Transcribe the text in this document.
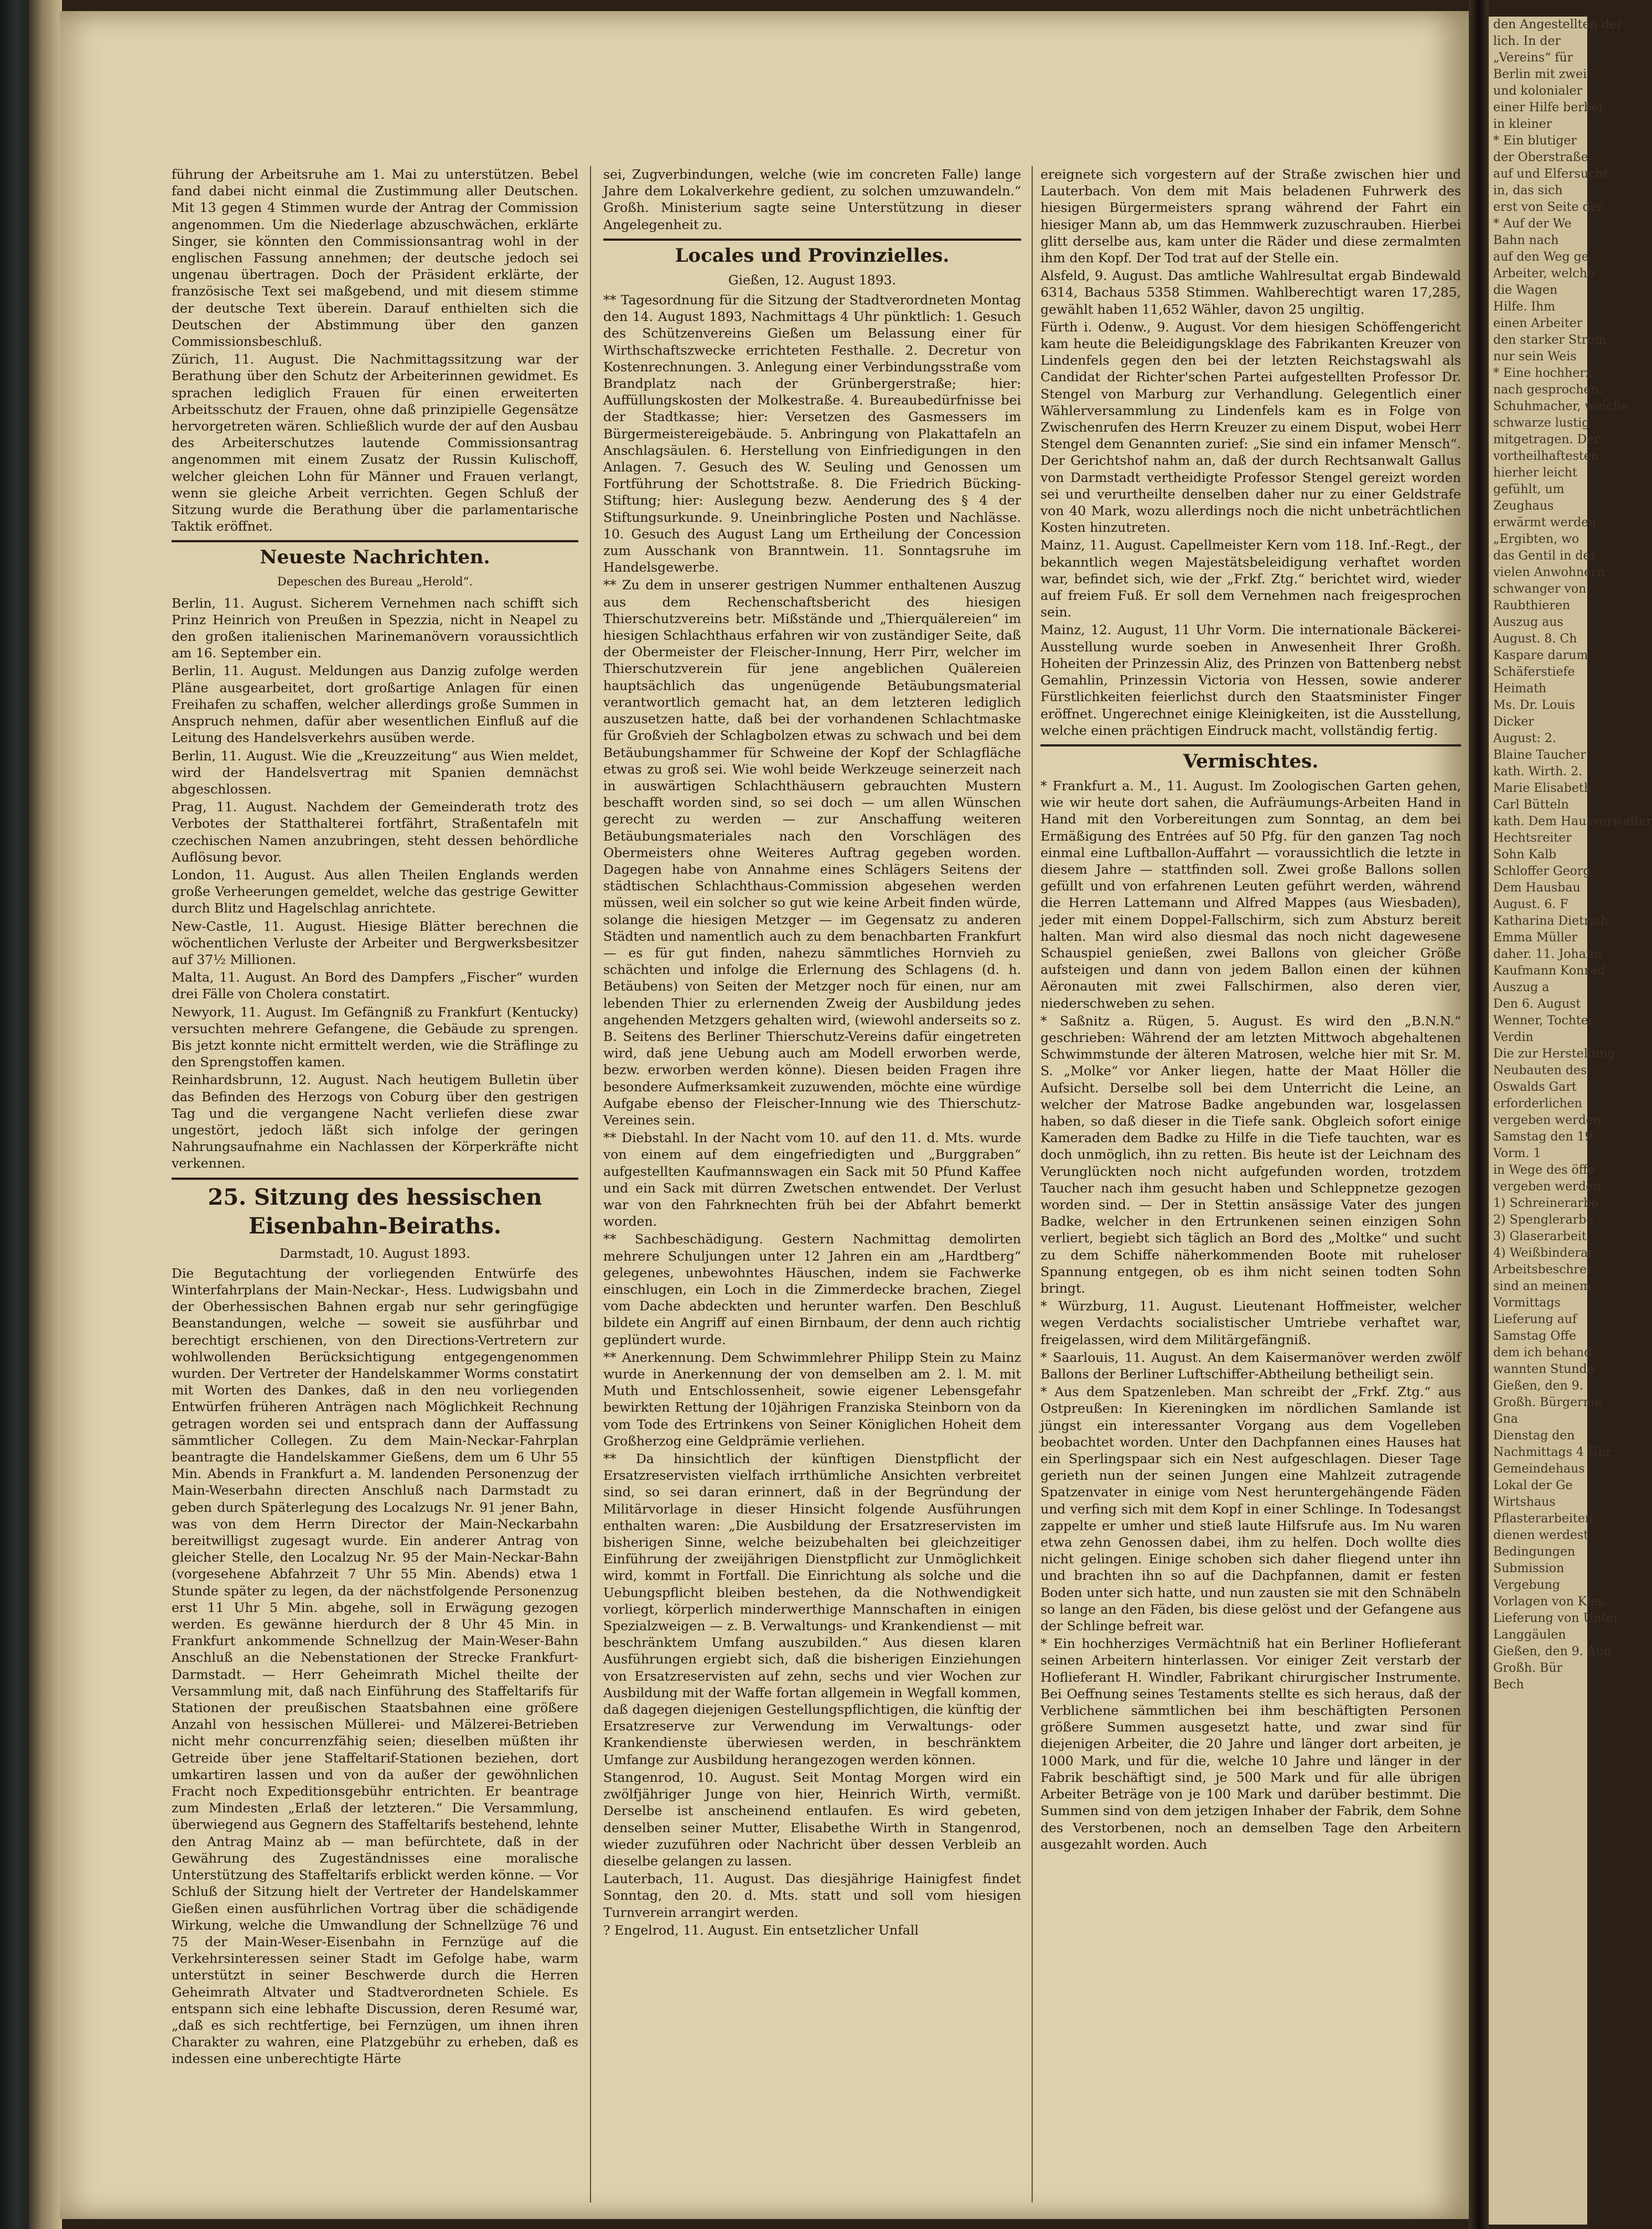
führung der Arbeitsruhe am 1. Mai zu unterstützen. Bebel fand dabei nicht einmal die Zustimmung aller Deutschen. Mit 13 gegen 4 Stimmen wurde der Antrag der Commission angenommen. Um die Niederlage abzuschwächen, erklärte Singer, sie könnten den Commissionsantrag wohl in der englischen Fassung annehmen; der deutsche jedoch sei ungenau übertragen. Doch der Präsident erklärte, der französische Text sei maßgebend, und mit diesem stimme der deutsche Text überein. Darauf enthielten sich die Deutschen der Abstimmung über den ganzen Commissionsbeschluß.

Zürich, 11. August. Die Nachmittagssitzung war der Berathung über den Schutz der Arbeiterinnen gewidmet. Es sprachen lediglich Frauen für einen erweiterten Arbeitsschutz der Frauen, ohne daß prinzipielle Gegensätze hervorgetreten wären. Schließlich wurde der auf den Ausbau des Arbeiterschutzes lautende Commissionsantrag angenommen mit einem Zusatz der Russin Kulischoff, welcher gleichen Lohn für Männer und Frauen verlangt, wenn sie gleiche Arbeit verrichten. Gegen Schluß der Sitzung wurde die Berathung über die parlamentarische Taktik eröffnet.

Neueste Nachrichten.
Depeschen des Bureau „Herold“.

Berlin, 11. August. Sicherem Vernehmen nach schifft sich Prinz Heinrich von Preußen in Spezzia, nicht in Neapel zu den großen italienischen Marinemanövern voraussichtlich am 16. September ein.

Berlin, 11. August. Meldungen aus Danzig zufolge werden Pläne ausgearbeitet, dort großartige Anlagen für einen Freihafen zu schaffen, welcher allerdings große Summen in Anspruch nehmen, dafür aber wesentlichen Einfluß auf die Leitung des Handelsverkehrs ausüben werde.

Berlin, 11. August. Wie die „Kreuzzeitung“ aus Wien meldet, wird der Handelsvertrag mit Spanien demnächst abgeschlossen.

Prag, 11. August. Nachdem der Gemeinderath trotz des Verbotes der Statthalterei fortfährt, Straßentafeln mit czechischen Namen anzubringen, steht dessen behördliche Auflösung bevor.

London, 11. August. Aus allen Theilen Englands werden große Verheerungen gemeldet, welche das gestrige Gewitter durch Blitz und Hagelschlag anrichtete.

New-Castle, 11. August. Hiesige Blätter berechnen die wöchentlichen Verluste der Arbeiter und Bergwerksbesitzer auf 37½ Millionen.

Malta, 11. August. An Bord des Dampfers „Fischer“ wurden drei Fälle von Cholera constatirt.

Newyork, 11. August. Im Gefängniß zu Frankfurt (Kentucky) versuchten mehrere Gefangene, die Gebäude zu sprengen. Bis jetzt konnte nicht ermittelt werden, wie die Sträflinge zu den Sprengstoffen kamen.

Reinhardsbrunn, 12. August. Nach heutigem Bulletin über das Befinden des Herzogs von Coburg über den gestrigen Tag und die vergangene Nacht verliefen diese zwar ungestört, jedoch läßt sich infolge der geringen Nahrungsaufnahme ein Nachlassen der Körperkräfte nicht verkennen.

25. Sitzung des hessischen Eisenbahn-Beiraths.
Darmstadt, 10. August 1893.

Die Begutachtung der vorliegenden Entwürfe des Winterfahrplans der Main-Neckar-, Hess. Ludwigsbahn und der Oberhessischen Bahnen ergab nur sehr geringfügige Beanstandungen, welche — soweit sie ausführbar und berechtigt erschienen, von den Directions-Vertretern zur wohlwollenden Berücksichtigung entgegengenommen wurden. Der Vertreter der Handelskammer Worms constatirt mit Worten des Dankes, daß in den neu vorliegenden Entwürfen früheren Anträgen nach Möglichkeit Rechnung getragen worden sei und entsprach dann der Auffassung sämmtlicher Collegen. Zu dem Main-Neckar-Fahrplan beantragte die Handelskammer Gießens, dem um 6 Uhr 55 Min. Abends in Frankfurt a. M. landenden Personenzug der Main-Weserbahn directen Anschluß nach Darmstadt zu geben durch Späterlegung des Localzugs Nr. 91 jener Bahn, was von dem Herrn Director der Main-Neckarbahn bereitwilligst zugesagt wurde. Ein anderer Antrag von gleicher Stelle, den Localzug Nr. 95 der Main-Neckar-Bahn (vorgesehene Abfahrzeit 7 Uhr 55 Min. Abends) etwa 1 Stunde später zu legen, da der nächstfolgende Personenzug erst 11 Uhr 5 Min. abgehe, soll in Erwägung gezogen werden. Es gewänne hierdurch der 8 Uhr 45 Min. in Frankfurt ankommende Schnellzug der Main-Weser-Bahn Anschluß an die Nebenstationen der Strecke Frankfurt-Darmstadt. — Herr Geheimrath Michel theilte der Versammlung mit, daß nach Einführung des Staffeltarifs für Stationen der preußischen Staatsbahnen eine größere Anzahl von hessischen Müllerei- und Mälzerei-Betrieben nicht mehr concurrenzfähig seien; dieselben müßten ihr Getreide über jene Staffeltarif-Stationen beziehen, dort umkartiren lassen und von da außer der gewöhnlichen Fracht noch Expeditionsgebühr entrichten. Er beantrage zum Mindesten „Erlaß der letzteren.“ Die Versammlung, überwiegend aus Gegnern des Staffeltarifs bestehend, lehnte den Antrag Mainz ab — man befürchtete, daß in der Gewährung des Zugeständnisses eine moralische Unterstützung des Staffeltarifs erblickt werden könne. — Vor Schluß der Sitzung hielt der Vertreter der Handelskammer Gießen einen ausführlichen Vortrag über die schädigende Wirkung, welche die Umwandlung der Schnellzüge 76 und 75 der Main-Weser-Eisenbahn in Fernzüge auf die Verkehrsinteressen seiner Stadt im Gefolge habe, warm unterstützt in seiner Beschwerde durch die Herren Geheimrath Altvater und Stadtverordneten Schiele. Es entspann sich eine lebhafte Discussion, deren Resumé war, „daß es sich rechtfertige, bei Fernzügen, um ihnen ihren Charakter zu wahren, eine Platzgebühr zu erheben, daß es indessen eine unberechtigte Härte

sei, Zugverbindungen, welche (wie im concreten Falle) lange Jahre dem Lokalverkehre gedient, zu solchen umzuwandeln.“ Großh. Ministerium sagte seine Unterstützung in dieser Angelegenheit zu.

Locales und Provinzielles.
Gießen, 12. August 1893.

** Tagesordnung für die Sitzung der Stadtverordneten Montag den 14. August 1893, Nachmittags 4 Uhr pünktlich: 1. Gesuch des Schützenvereins Gießen um Belassung einer für Wirthschaftszwecke errichteten Festhalle. 2. Decretur von Kostenrechnungen. 3. Anlegung einer Verbindungsstraße vom Brandplatz nach der Grünbergerstraße; hier: Auffüllungskosten der Molkestraße. 4. Bureaubedürfnisse bei der Stadtkasse; hier: Versetzen des Gasmessers im Bürgermeistereigebäude. 5. Anbringung von Plakattafeln an Anschlagsäulen. 6. Herstellung von Einfriedigungen in den Anlagen. 7. Gesuch des W. Seuling und Genossen um Fortführung der Schottstraße. 8. Die Friedrich Bücking-Stiftung; hier: Auslegung bezw. Aenderung des § 4 der Stiftungsurkunde. 9. Uneinbringliche Posten und Nachlässe. 10. Gesuch des August Lang um Ertheilung der Concession zum Ausschank von Branntwein. 11. Sonntagsruhe im Handelsgewerbe.

** Zu dem in unserer gestrigen Nummer enthaltenen Auszug aus dem Rechenschaftsbericht des hiesigen Thierschutzvereins betr. Mißstände und „Thierquälereien“ im hiesigen Schlachthaus erfahren wir von zuständiger Seite, daß der Obermeister der Fleischer-Innung, Herr Pirr, welcher im Thierschutzverein für jene angeblichen Quälereien hauptsächlich das ungenügende Betäubungsmaterial verantwortlich gemacht hat, an dem letzteren lediglich auszusetzen hatte, daß bei der vorhandenen Schlachtmaske für Großvieh der Schlagbolzen etwas zu schwach und bei dem Betäubungshammer für Schweine der Kopf der Schlagfläche etwas zu groß sei. Wie wohl beide Werkzeuge seinerzeit nach in auswärtigen Schlachthäusern gebrauchten Mustern beschafft worden sind, so sei doch — um allen Wünschen gerecht zu werden — zur Anschaffung weiteren Betäubungsmateriales nach den Vorschlägen des Obermeisters ohne Weiteres Auftrag gegeben worden. Dagegen habe von Annahme eines Schlägers Seitens der städtischen Schlachthaus-Commission abgesehen werden müssen, weil ein solcher so gut wie keine Arbeit finden würde, solange die hiesigen Metzger — im Gegensatz zu anderen Städten und namentlich auch zu dem benachbarten Frankfurt — es für gut finden, nahezu sämmtliches Hornvieh zu schächten und infolge die Erlernung des Schlagens (d. h. Betäubens) von Seiten der Metzger noch für einen, nur am lebenden Thier zu erlernenden Zweig der Ausbildung jedes angehenden Metzgers gehalten wird, (wiewohl anderseits so z. B. Seitens des Berliner Thierschutz-Vereins dafür eingetreten wird, daß jene Uebung auch am Modell erworben werde, bezw. erworben werden könne). Diesen beiden Fragen ihre besondere Aufmerksamkeit zuzuwenden, möchte eine würdige Aufgabe ebenso der Fleischer-Innung wie des Thierschutz-Vereines sein.

** Diebstahl. In der Nacht vom 10. auf den 11. d. Mts. wurde von einem auf dem eingefriedigten und „Burggraben“ aufgestellten Kaufmannswagen ein Sack mit 50 Pfund Kaffee und ein Sack mit dürren Zwetschen entwendet. Der Verlust war von den Fahrknechten früh bei der Abfahrt bemerkt worden.

** Sachbeschädigung. Gestern Nachmittag demolirten mehrere Schuljungen unter 12 Jahren ein am „Hardtberg“ gelegenes, unbewohntes Häuschen, indem sie Fachwerke einschlugen, ein Loch in die Zimmerdecke brachen, Ziegel vom Dache abdeckten und herunter warfen. Den Beschluß bildete ein Angriff auf einen Birnbaum, der denn auch richtig geplündert wurde.

** Anerkennung. Dem Schwimmlehrer Philipp Stein zu Mainz wurde in Anerkennung der von demselben am 2. l. M. mit Muth und Entschlossenheit, sowie eigener Lebensgefahr bewirkten Rettung der 10jährigen Franziska Steinborn von da vom Tode des Ertrinkens von Seiner Königlichen Hoheit dem Großherzog eine Geldprämie verliehen.

** Da hinsichtlich der künftigen Dienstpflicht der Ersatzreservisten vielfach irrthümliche Ansichten verbreitet sind, so sei daran erinnert, daß in der Begründung der Militärvorlage in dieser Hinsicht folgende Ausführungen enthalten waren: „Die Ausbildung der Ersatzreservisten im bisherigen Sinne, welche beizubehalten bei gleichzeitiger Einführung der zweijährigen Dienstpflicht zur Unmöglichkeit wird, kommt in Fortfall. Die Einrichtung als solche und die Uebungspflicht bleiben bestehen, da die Nothwendigkeit vorliegt, körperlich minderwerthige Mannschaften in einigen Spezialzweigen — z. B. Verwaltungs- und Krankendienst — mit beschränktem Umfang auszubilden.“ Aus diesen klaren Ausführungen ergiebt sich, daß die bisherigen Einziehungen von Ersatzreservisten auf zehn, sechs und vier Wochen zur Ausbildung mit der Waffe fortan allgemein in Wegfall kommen, daß dagegen diejenigen Gestellungspflichtigen, die künftig der Ersatzreserve zur Verwendung im Verwaltungs- oder Krankendienste überwiesen werden, in beschränktem Umfange zur Ausbildung herangezogen werden können.

Stangenrod, 10. August. Seit Montag Morgen wird ein zwölfjähriger Junge von hier, Heinrich Wirth, vermißt. Derselbe ist anscheinend entlaufen. Es wird gebeten, denselben seiner Mutter, Elisabethe Wirth in Stangenrod, wieder zuzuführen oder Nachricht über dessen Verbleib an dieselbe gelangen zu lassen.

Lauterbach, 11. August. Das diesjährige Hainigfest findet Sonntag, den 20. d. Mts. statt und soll vom hiesigen Turnverein arrangirt werden.

? Engelrod, 11. August. Ein entsetzlicher Unfall

ereignete sich vorgestern auf der Straße zwischen hier und Lauterbach. Von dem mit Mais beladenen Fuhrwerk des hiesigen Bürgermeisters sprang während der Fahrt ein hiesiger Mann ab, um das Hemmwerk zuzuschrauben. Hierbei glitt derselbe aus, kam unter die Räder und diese zermalmten ihm den Kopf. Der Tod trat auf der Stelle ein.

Alsfeld, 9. August. Das amtliche Wahlresultat ergab Bindewald 6314, Bachaus 5358 Stimmen. Wahlberechtigt waren 17,285, gewählt haben 11,652 Wähler, davon 25 ungiltig.

Fürth i. Odenw., 9. August. Vor dem hiesigen Schöffengericht kam heute die Beleidigungsklage des Fabrikanten Kreuzer von Lindenfels gegen den bei der letzten Reichstagswahl als Candidat der Richter'schen Partei aufgestellten Professor Dr. Stengel von Marburg zur Verhandlung. Gelegentlich einer Wählerversammlung zu Lindenfels kam es in Folge von Zwischenrufen des Herrn Kreuzer zu einem Disput, wobei Herr Stengel dem Genannten zurief: „Sie sind ein infamer Mensch“. Der Gerichtshof nahm an, daß der durch Rechtsanwalt Gallus von Darmstadt vertheidigte Professor Stengel gereizt worden sei und verurtheilte denselben daher nur zu einer Geldstrafe von 40 Mark, wozu allerdings noch die nicht unbeträchtlichen Kosten hinzutreten.

Mainz, 11. August. Capellmeister Kern vom 118. Inf.-Regt., der bekanntlich wegen Majestätsbeleidigung verhaftet worden war, befindet sich, wie der „Frkf. Ztg.“ berichtet wird, wieder auf freiem Fuß. Er soll dem Vernehmen nach freigesprochen sein.

Mainz, 12. August, 11 Uhr Vorm. Die internationale Bäckerei-Ausstellung wurde soeben in Anwesenheit Ihrer Großh. Hoheiten der Prinzessin Aliz, des Prinzen von Battenberg nebst Gemahlin, Prinzessin Victoria von Hessen, sowie anderer Fürstlichkeiten feierlichst durch den Staatsminister Finger eröffnet. Ungerechnet einige Kleinigkeiten, ist die Ausstellung, welche einen prächtigen Eindruck macht, vollständig fertig.

Vermischtes.

* Frankfurt a. M., 11. August. Im Zoologischen Garten gehen, wie wir heute dort sahen, die Aufräumungs-Arbeiten Hand in Hand mit den Vorbereitungen zum Sonntag, an dem bei Ermäßigung des Entrées auf 50 Pfg. für den ganzen Tag noch einmal eine Luftballon-Auffahrt — voraussichtlich die letzte in diesem Jahre — stattfinden soll. Zwei große Ballons sollen gefüllt und von erfahrenen Leuten geführt werden, während die Herren Lattemann und Alfred Mappes (aus Wiesbaden), jeder mit einem Doppel-Fallschirm, sich zum Absturz bereit halten. Man wird also diesmal das noch nicht dagewesene Schauspiel genießen, zwei Ballons von gleicher Größe aufsteigen und dann von jedem Ballon einen der kühnen Aëronauten mit zwei Fallschirmen, also deren vier, niederschweben zu sehen.

* Saßnitz a. Rügen, 5. August. Es wird den „B.N.N.“ geschrieben: Während der am letzten Mittwoch abgehaltenen Schwimmstunde der älteren Matrosen, welche hier mit Sr. M. S. „Molke“ vor Anker liegen, hatte der Maat Höller die Aufsicht. Derselbe soll bei dem Unterricht die Leine, an welcher der Matrose Badke angebunden war, losgelassen haben, so daß dieser in die Tiefe sank. Obgleich sofort einige Kameraden dem Badke zu Hilfe in die Tiefe tauchten, war es doch unmöglich, ihn zu retten. Bis heute ist der Leichnam des Verunglückten noch nicht aufgefunden worden, trotzdem Taucher nach ihm gesucht haben und Schleppnetze gezogen worden sind. — Der in Stettin ansässige Vater des jungen Badke, welcher in den Ertrunkenen seinen einzigen Sohn verliert, begiebt sich täglich an Bord des „Moltke“ und sucht zu dem Schiffe näherkommenden Boote mit ruheloser Spannung entgegen, ob es ihm nicht seinen todten Sohn bringt.

* Würzburg, 11. August. Lieutenant Hoffmeister, welcher wegen Verdachts socialistischer Umtriebe verhaftet war, freigelassen, wird dem Militärgefängniß.

* Saarlouis, 11. August. An dem Kaisermanöver werden zwölf Ballons der Berliner Luftschiffer-Abtheilung betheiligt sein.

* Aus dem Spatzenleben. Man schreibt der „Frkf. Ztg.“ aus Ostpreußen: In Kiereningken im nördlichen Samlande ist jüngst ein interessanter Vorgang aus dem Vogelleben beobachtet worden. Unter den Dachpfannen eines Hauses hat ein Sperlingspaar sich ein Nest aufgeschlagen. Dieser Tage gerieth nun der seinen Jungen eine Mahlzeit zutragende Spatzenvater in einige vom Nest heruntergehängende Fäden und verfing sich mit dem Kopf in einer Schlinge. In Todesangst zappelte er umher und stieß laute Hilfsrufe aus. Im Nu waren etwa zehn Genossen dabei, ihm zu helfen. Doch wollte dies nicht gelingen. Einige schoben sich daher fliegend unter ihn und brachten ihn so auf die Dachpfannen, damit er festen Boden unter sich hatte, und nun zausten sie mit den Schnäbeln so lange an den Fäden, bis diese gelöst und der Gefangene aus der Schlinge befreit war.

* Ein hochherziges Vermächtniß hat ein Berliner Hoflieferant seinen Arbeitern hinterlassen. Vor einiger Zeit verstarb der Hoflieferant H. Windler, Fabrikant chirurgischer Instrumente. Bei Oeffnung seines Testaments stellte es sich heraus, daß der Verblichene sämmtlichen bei ihm beschäftigten Personen größere Summen ausgesetzt hatte, und zwar sind für diejenigen Arbeiter, die 20 Jahre und länger dort arbeiten, je 1000 Mark, und für die, welche 10 Jahre und länger in der Fabrik beschäftigt sind, je 500 Mark und für alle übrigen Arbeiter Beträge von je 100 Mark und darüber bestimmt. Die Summen sind von dem jetzigen Inhaber der Fabrik, dem Sohne des Verstorbenen, noch an demselben Tage den Arbeitern ausgezahlt worden. Auch

den Angestellten der
lich. In der
„Vereins“ für
Berlin mit zwei
und kolonialer
einer Hilfe berbei
in kleiner
* Ein blutiger
der Oberstraße
auf und Elfersucht
in, das sich
erst von Seite der
* Auf der We
Bahn nach
auf den Weg ge
Arbeiter, welche
die Wagen
Hilfe. Ihm
einen Arbeiter
den starker Strom
nur sein Weis
* Eine hochherz
nach gesprochen:
Schuhmacher, weiche
schwarze lustig
mitgetragen. Der
vortheilhaftesten
hierher leicht
gefühlt, um
Zeughaus
erwärmt werden
„Ergibten, wo
das Gentil in der
vielen Anwohnern
schwanger von
Raubthieren
Auszug aus
August. 8. Ch
Kaspare darum
Schäferstiefe
Heimath
Ms. Dr. Louis
Dicker
August: 2.
Blaine Taucher
kath. Wirth. 2.
Marie Elisabeth
Carl Bütteln
kath. Dem Hausverwalter
Hechtsreiter
Sohn Kalb
Schloffer Georg
Dem Hausbau
August. 6. F
Katharina Dietrich
Emma Müller
daher. 11. Johann
Kaufmann Konrad
Auszug a
Den 6. August
Wenner, Tochter
Verdin
Die zur Herstellung
Neubauten des
Oswalds Gart
erforderlichen
vergeben werden.
Samstag den 19
Vorm. 1
in Wege des öffe
vergeben werden.
1) Schreinerarbe
2) Spenglerarbe
3) Glaserarbeit
4) Weißbinderar
Arbeitsbeschrei
sind an meinem
Vormittags
Lieferung auf
Samstag Offe
dem ich behand
wannten Stunde
Gießen, den 9.
Großh. Bürgerme
Gna
Dienstag den
Nachmittags 4 Uhr
Gemeindehaus
Lokal der Ge
Wirtshaus
Pflasterarbeiten
dienen werdest
Bedingungen
Submission
Vergebung
Vorlagen von Kies
Lieferung von Unter
Langgäulen
Gießen, den 9. Aug
Großh. Bür
Bech
